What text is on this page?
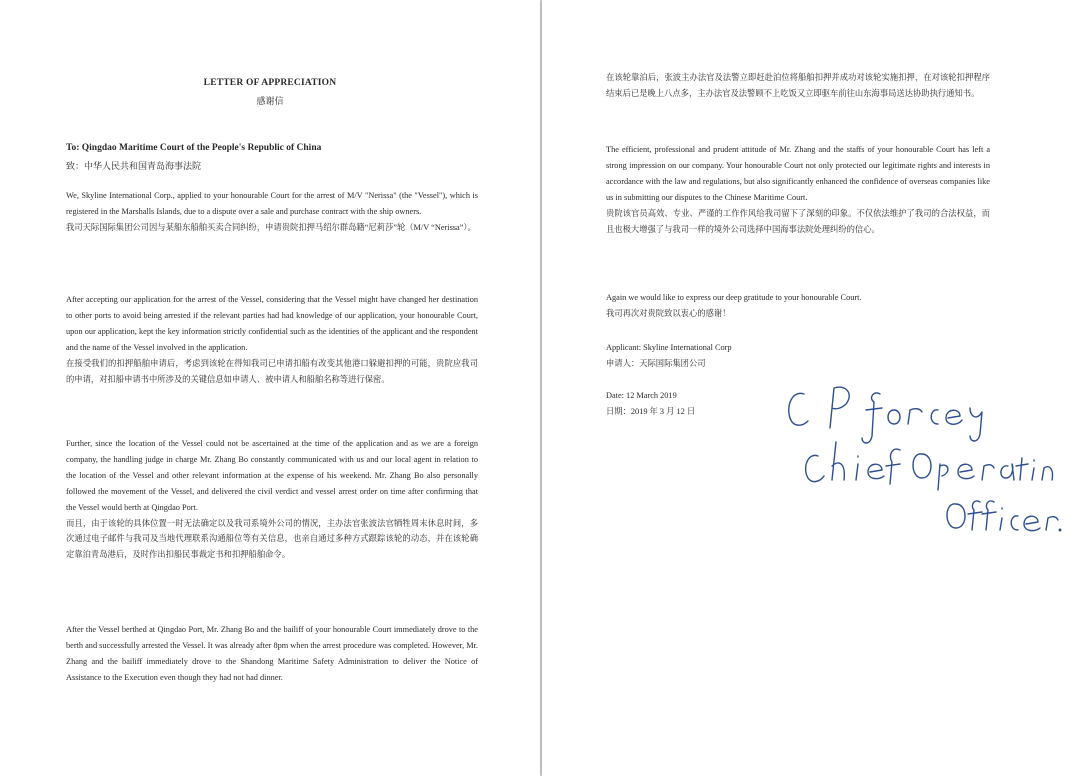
LETTER OF APPRECIATION
感谢信
To: Qingdao Maritime Court of the People's Republic of China
致：中华人民共和国青岛海事法院

We, Skyline International Corp., applied to your honourable Court for the arrest of M/V "Nerissa" (the "Vessel"), which is registered in the Marshalls Islands, due to a dispute over a sale and purchase contract with the ship owners.
我司天际国际集团公司因与某船东船舶买卖合同纠纷，申请贵院扣押马绍尔群岛籍“尼莉莎”轮（M/V “Nerissa”）。

After accepting our application for the arrest of the Vessel, considering that the Vessel might have changed her destination to other ports to avoid being arrested if the relevant parties had had knowledge of our application, your honourable Court, upon our application, kept the key information strictly confidential such as the identities of the applicant and the respondent and the name of the Vessel involved in the application.
在接受我们的扣押船舶申请后，考虑到该轮在得知我司已申请扣船有改变其他港口躲避扣押的可能，贵院应我司的申请，对扣船申请书中所涉及的关键信息如申请人、被申请人和船舶名称等进行保密。

Further, since the location of the Vessel could not be ascertained at the time of the application and as we are a foreign company, the handling judge in charge Mr. Zhang Bo constantly communicated with us and our local agent in relation to the location of the Vessel and other relevant information at the expense of his weekend. Mr. Zhang Bo also personally followed the movement of the Vessel, and delivered the civil verdict and vessel arrest order on time after confirming that the Vessel would berth at Qingdao Port.
而且，由于该轮的具体位置一时无法确定以及我司系境外公司的情况，主办法官张波法官牺牲周末休息时间，多次通过电子邮件与我司及当地代理联系沟通船位等有关信息，也亲自通过多种方式跟踪该轮的动态，并在该轮确定靠泊青岛港后，及时作出扣船民事裁定书和扣押船舶命令。

After the Vessel berthed at Qingdao Port, Mr. Zhang Bo and the bailiff of your honourable Court immediately drove to the berth and successfully arrested the Vessel. It was already after 8pm when the arrest procedure was completed. However, Mr. Zhang and the bailiff immediately drove to the Shandong Maritime Safety Administration to deliver the Notice of Assistance to the Execution even though they had not had dinner.

在该轮靠泊后，张波主办法官及法警立即赶赴泊位将船舶扣押并成功对该轮实施扣押，在对该轮扣押程序结束后已是晚上八点多，主办法官及法警顾不上吃饭又立即驱车前往山东海事局送达协助执行通知书。

The efficient, professional and prudent attitude of Mr. Zhang and the staffs of your honourable Court has left a strong impression on our company. Your honourable Court not only protected our legitimate rights and interests in accordance with the law and regulations, but also significantly enhanced the confidence of overseas companies like us in submitting our disputes to the Chinese Maritime Court.
贵院该官员高效、专业、严谨的工作作风给我司留下了深刻的印象。不仅依法维护了我司的合法权益，而且也极大增强了与我司一样的境外公司选择中国海事法院处理纠纷的信心。

Again we would like to express our deep gratitude to your honourable Court.
我司再次对贵院致以衷心的感谢！

Applicant: Skyline International Corp
申请人：天际国际集团公司
Date: 12 March 2019
日期：2019 年 3 月 12 日
